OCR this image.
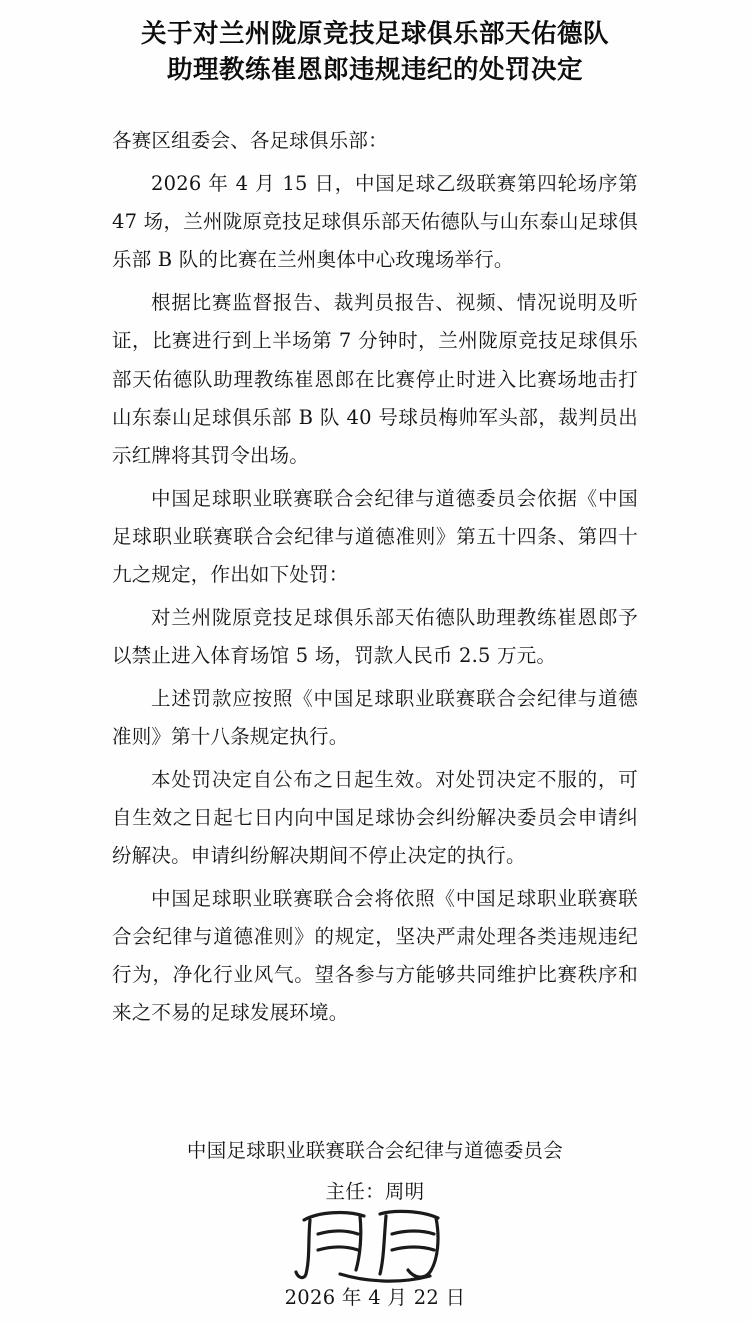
关于对兰州陇原竞技足球俱乐部天佑德队
助理教练崔恩郎违规违纪的处罚决定

各赛区组委会、各足球俱乐部：

2026 年 4 月 15 日，中国足球乙级联赛第四轮场序第 47 场，兰州陇原竞技足球俱乐部天佑德队与山东泰山足球俱乐部 B 队的比赛在兰州奥体中心玫瑰场举行。

根据比赛监督报告、裁判员报告、视频、情况说明及听证，比赛进行到上半场第 7 分钟时，兰州陇原竞技足球俱乐部天佑德队助理教练崔恩郎在比赛停止时进入比赛场地击打山东泰山足球俱乐部 B 队 40 号球员梅帅军头部，裁判员出示红牌将其罚令出场。

中国足球职业联赛联合会纪律与道德委员会依据《中国足球职业联赛联合会纪律与道德准则》第五十四条、第四十九之规定，作出如下处罚：

对兰州陇原竞技足球俱乐部天佑德队助理教练崔恩郎予以禁止进入体育场馆 5 场，罚款人民币 2.5 万元。

上述罚款应按照《中国足球职业联赛联合会纪律与道德准则》第十八条规定执行。

本处罚决定自公布之日起生效。对处罚决定不服的，可自生效之日起七日内向中国足球协会纠纷解决委员会申请纠纷解决。申请纠纷解决期间不停止决定的执行。

中国足球职业联赛联合会将依照《中国足球职业联赛联合会纪律与道德准则》的规定，坚决严肃处理各类违规违纪行为，净化行业风气。望各参与方能够共同维护比赛秩序和来之不易的足球发展环境。

中国足球职业联赛联合会纪律与道德委员会
主任：周明
2026 年 4 月 22 日
